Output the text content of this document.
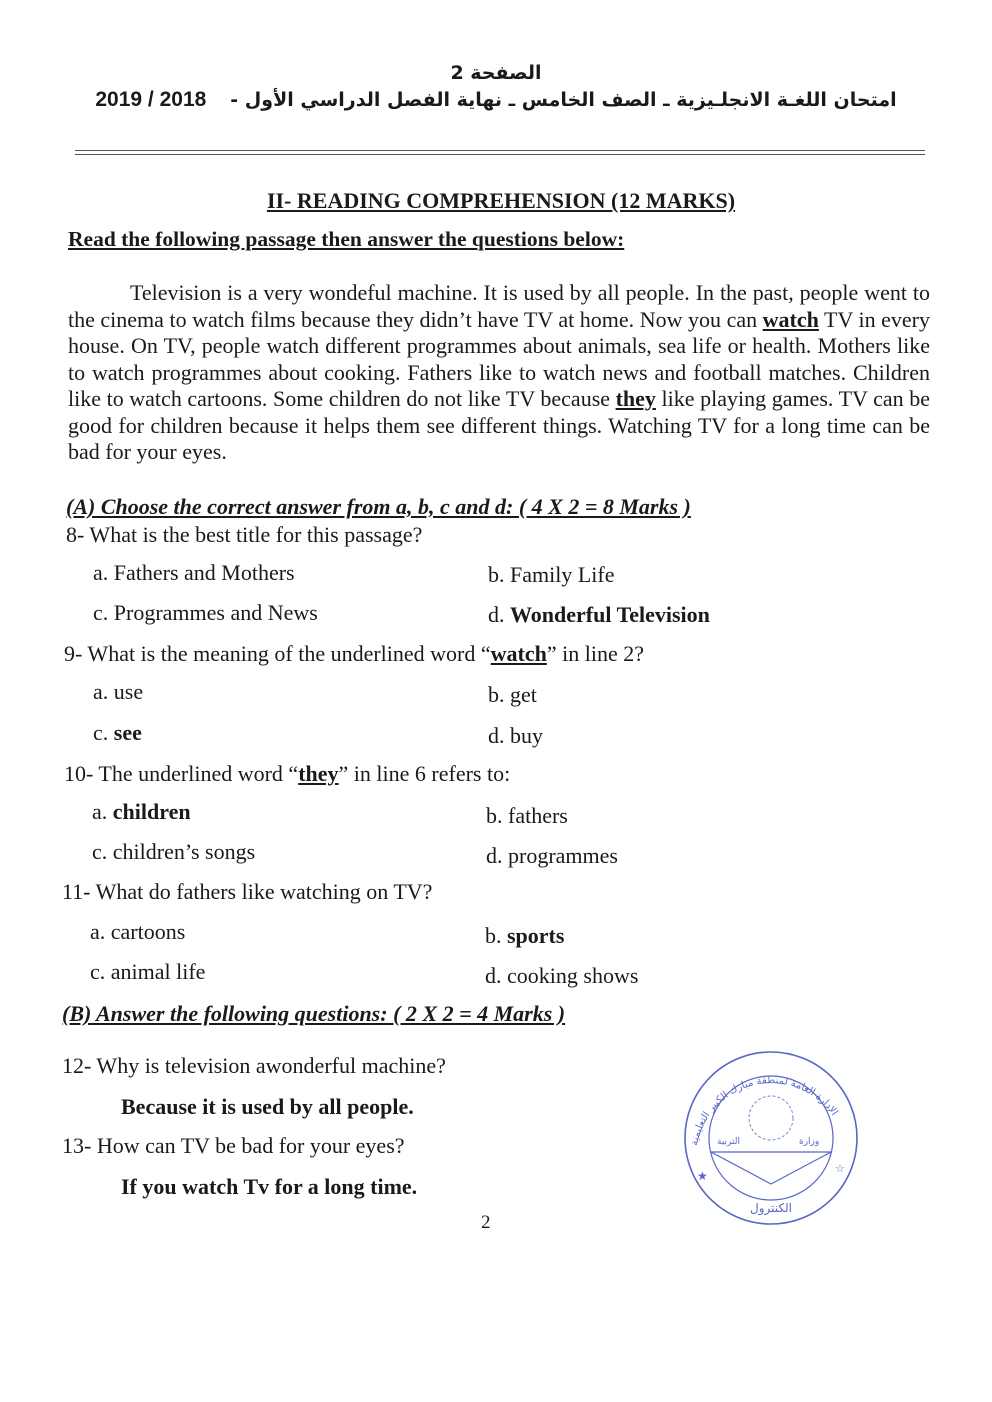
الصفحة 2
2019 / 2018 امتحان اللغـة الانجلـيزية ـ الصف الخامس ـ نهاية الفصل الدراسي الأول -
II- READING COMPREHENSION (12 MARKS)
Read the following passage then answer the questions below:
Television is a very wondeful machine. It is used by all people. In the past, people went to the cinema to watch films because they didn’t have TV at home. Now you can watch TV in every house. On TV, people watch different programmes about animals, sea life or health. Mothers like to watch programmes about cooking. Fathers like to watch news and football matches. Children like to watch cartoons. Some children do not like TV because they like playing games. TV can be good for children because it helps them see different things. Watching TV for a long time can be bad for your eyes.
(A) Choose the correct answer from a, b, c and d: ( 4 X 2 = 8 Marks )
8- What is the best title for this passage?
a. Fathers and Mothers	b. Family Life
c. Programmes and News	d. Wonderful Television
9- What is the meaning of the underlined word “watch” in line 2?
a. use	b. get
c. see	d. buy
10- The underlined word “they” in line 6 refers to:
a. children	b. fathers
c. children’s songs	d. programmes
11- What do fathers like watching on TV?
a. cartoons	b. sports
c. animal life	d. cooking shows
(B) Answer the following questions: ( 2 X 2 = 4 Marks )
12- Why is television awonderful machine?
Because it is used by all people.
13- How can TV be bad for your eyes?
If you watch Tv for a long time.
2
★	☆
التربية	وزارة
الكنترول
الإدارة العامة لمنطقة مبارك الكبير التعليمية
